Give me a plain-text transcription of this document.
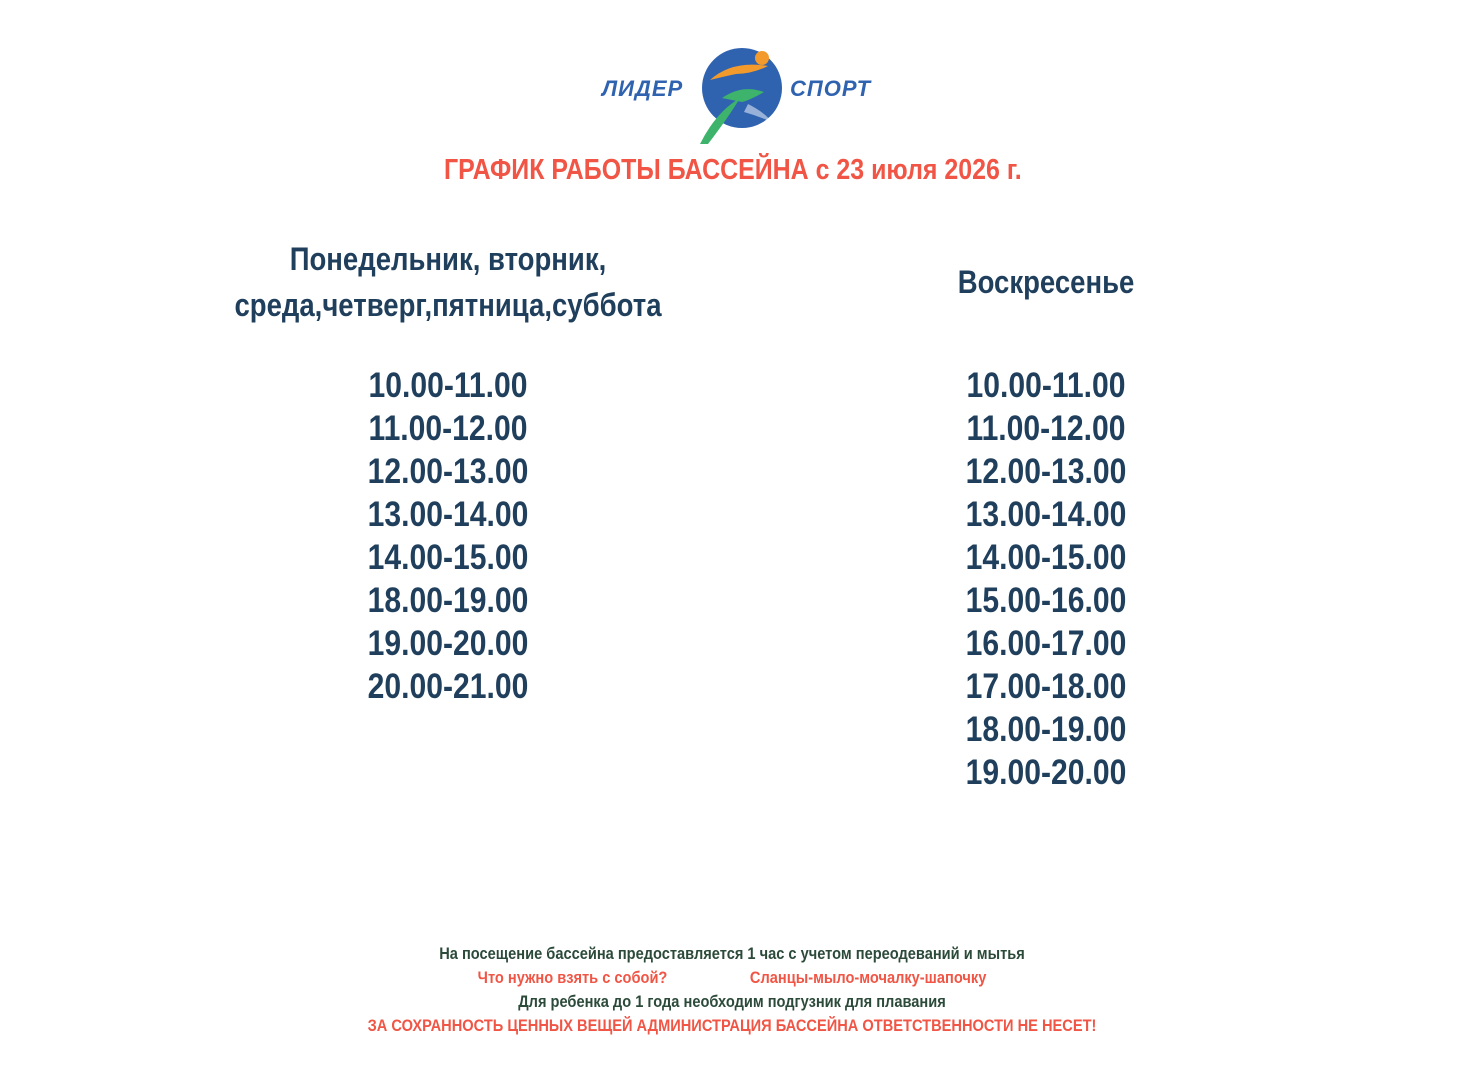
ЛИДЕР	СПОРТ
ГРАФИК РАБОТЫ БАССЕЙНА с 23 июля 2026 г.
Понедельник, вторник,
среда,четверг,пятница,суббота
10.00-11.00
11.00-12.00
12.00-13.00
13.00-14.00
14.00-15.00
18.00-19.00
19.00-20.00
20.00-21.00
Воскресенье
10.00-11.00
11.00-12.00
12.00-13.00
13.00-14.00
14.00-15.00
15.00-16.00
16.00-17.00
17.00-18.00
18.00-19.00
19.00-20.00
На посещение бассейна предоставляется 1 час с учетом переодеваний и мытья
Что нужно взять с собой?	Сланцы-мыло-мочалку-шапочку
Для ребенка до 1 года необходим подгузник для плавания
ЗА СОХРАННОСТЬ ЦЕННЫХ ВЕЩЕЙ АДМИНИСТРАЦИЯ БАССЕЙНА ОТВЕТСТВЕННОСТИ НЕ НЕСЕТ!
